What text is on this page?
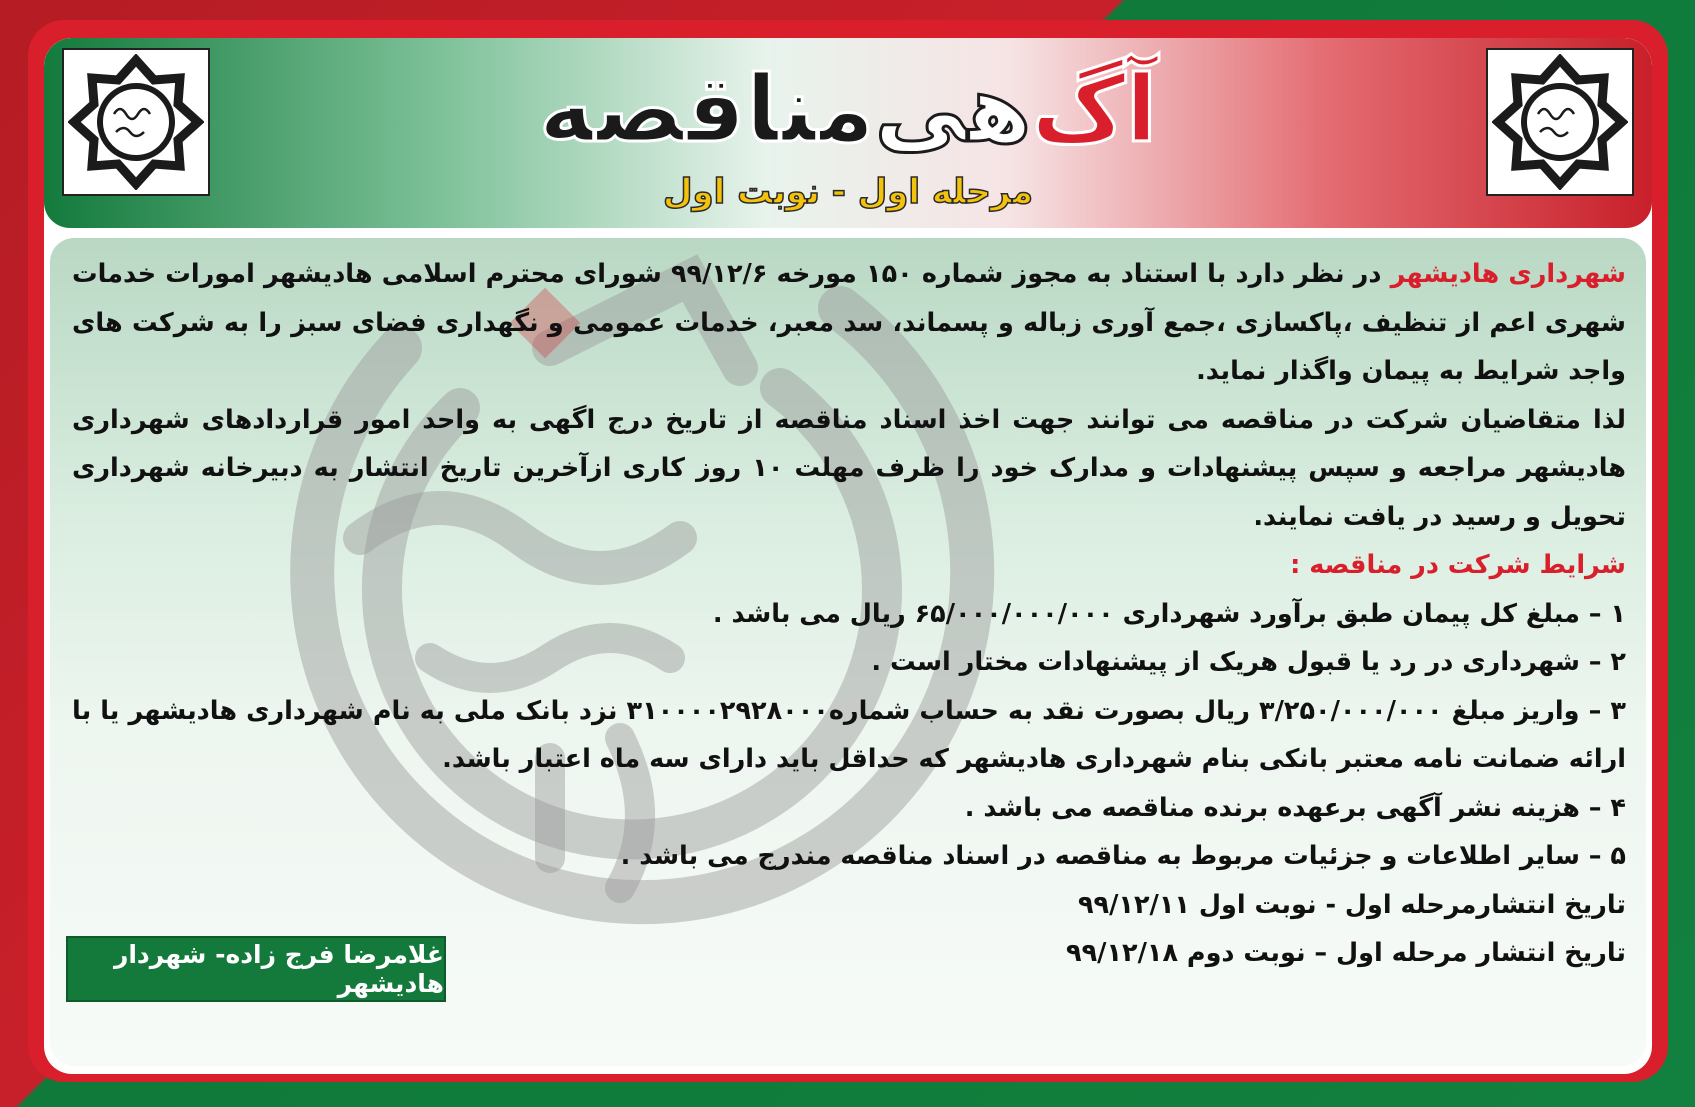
آگ
هی
مناقصه
مرحله اول - نوبت اول
شهرداری هادیشهر در نظر دارد با استناد به مجوز شماره ۱۵۰ مورخه ۹۹/۱۲/۶ شورای محترم اسلامی هادیشهر امورات خدمات شهری اعم از تنظیف ،پاکسازی ،جمع آوری زباله و پسماند، سد معبر، خدمات عمومی و نگهداری فضای سبز را به شرکت های واجد شرایط به پیمان واگذار نماید.
لذا متقاضیان شرکت در مناقصه می توانند جهت اخذ اسناد مناقصه از تاریخ درج اگهی به واحد امور قراردادهای شهرداری هادیشهر مراجعه و سپس پیشنهادات و مدارک خود را ظرف مهلت ۱۰ روز کاری ازآخرین تاریخ انتشار به دبیرخانه شهرداری تحویل و رسید در یافت نمایند.
شرایط شرکت در مناقصه :
۱ – مبلغ کل پیمان طبق برآورد شهرداری ۶۵/۰۰۰/۰۰۰/۰۰۰ ریال می باشد .
۲ – شهرداری در رد یا قبول هریک از پیشنهادات مختار است .
۳ – واریز مبلغ ۳/۲۵۰/۰۰۰/۰۰۰ ریال بصورت نقد به حساب شماره۳۱۰۰۰۰۲۹۲۸۰۰۰ نزد بانک ملی به نام شهرداری هادیشهر یا با ارائه ضمانت نامه معتبر بانکی بنام شهرداری هادیشهر که حداقل باید دارای سه ماه اعتبار باشد.
۴ – هزینه نشر آگهی برعهده برنده مناقصه می باشد .
۵ – سایر اطلاعات و جزئیات مربوط به مناقصه در اسناد مناقصه مندرج می باشد .
تاریخ انتشارمرحله اول - نوبت اول ۹۹/۱۲/۱۱
تاریخ انتشار مرحله اول – نوبت دوم ۹۹/۱۲/۱۸
غلامرضا فرج زاده- شهردار هادیشهر
